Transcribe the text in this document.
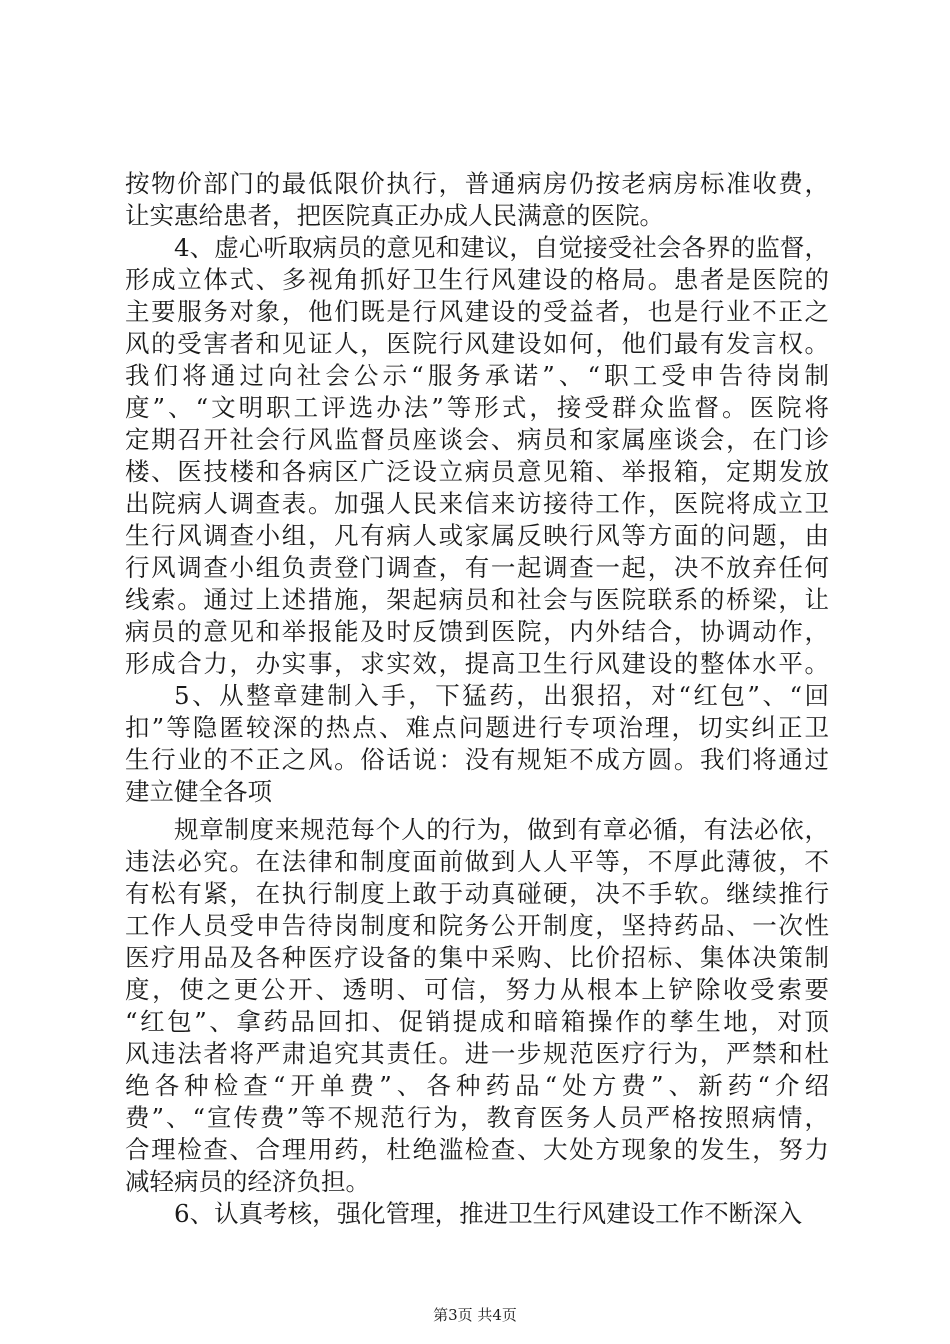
按物价部门的最低限价执行，普通病房仍按老病房标准收费，
让实惠给患者，把医院真正办成人民满意的医院。
4、虚心听取病员的意见和建议，自觉接受社会各界的监督，
形成立体式、多视角抓好卫生行风建设的格局。患者是医院的
主要服务对象，他们既是行风建设的受益者，也是行业不正之
风的受害者和见证人，医院行风建设如何，他们最有发言权。
我们将通过向社会公示“服务承诺”、“职工受申告待岗制
度”、“文明职工评选办法”等形式，接受群众监督。医院将
定期召开社会行风监督员座谈会、病员和家属座谈会，在门诊
楼、医技楼和各病区广泛设立病员意见箱、举报箱，定期发放
出院病人调查表。加强人民来信来访接待工作，医院将成立卫
生行风调查小组，凡有病人或家属反映行风等方面的问题，由
行风调查小组负责登门调查，有一起调查一起，决不放弃任何
线索。通过上述措施，架起病员和社会与医院联系的桥梁，让
病员的意见和举报能及时反馈到医院，内外结合，协调动作，
形成合力，办实事，求实效，提高卫生行风建设的整体水平。
5、从整章建制入手，下猛药，出狠招，对“红包”、“回
扣”等隐匿较深的热点、难点问题进行专项治理，切实纠正卫
生行业的不正之风。俗话说：没有规矩不成方圆。我们将通过
建立健全各项
规章制度来规范每个人的行为，做到有章必循，有法必依，
违法必究。在法律和制度面前做到人人平等，不厚此薄彼，不
有松有紧，在执行制度上敢于动真碰硬，决不手软。继续推行
工作人员受申告待岗制度和院务公开制度，坚持药品、一次性
医疗用品及各种医疗设备的集中采购、比价招标、集体决策制
度，使之更公开、透明、可信，努力从根本上铲除收受索要
“红包”、拿药品回扣、促销提成和暗箱操作的孳生地，对顶
风违法者将严肃追究其责任。进一步规范医疗行为，严禁和杜
绝各种检查“开单费”、各种药品“处方费”、新药“介绍
费”、“宣传费”等不规范行为，教育医务人员严格按照病情，
合理检查、合理用药，杜绝滥检查、大处方现象的发生，努力
减轻病员的经济负担。
6、认真考核，强化管理，推进卫生行风建设工作不断深入
第3页 共4页
